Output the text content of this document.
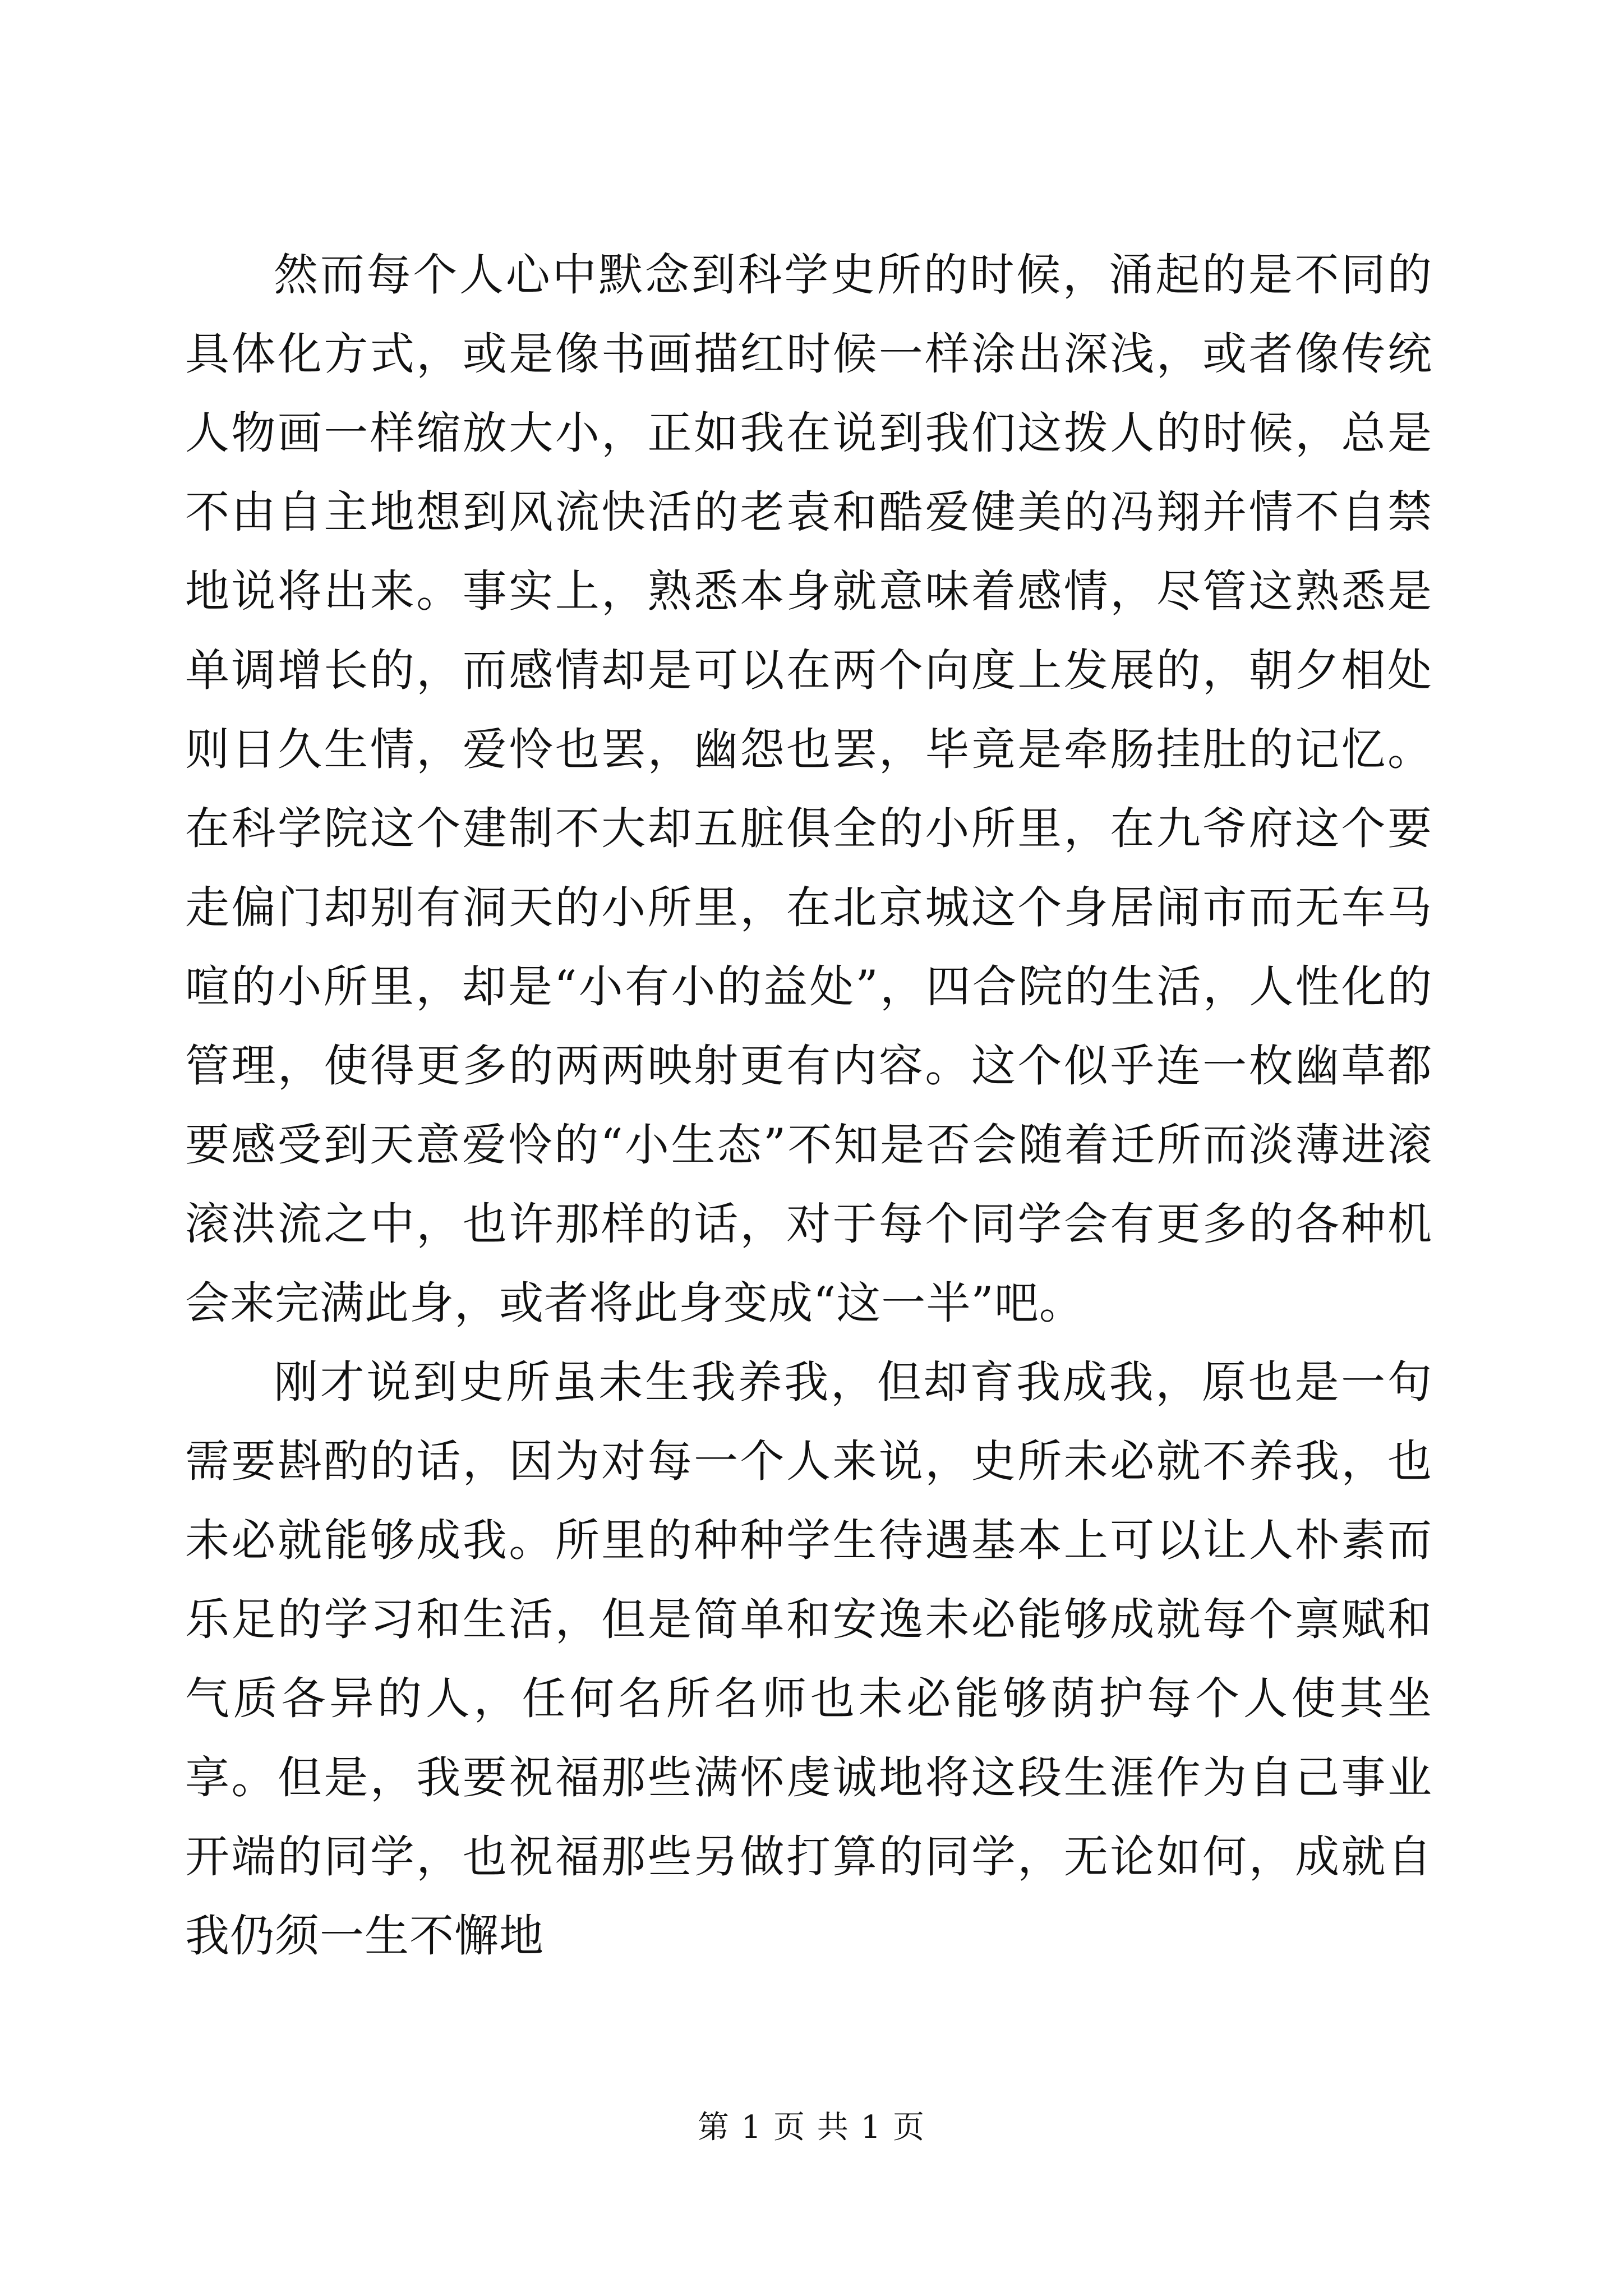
然而每个人心中默念到科学史所的时候，涌起的是不同的具体化方式，或是像书画描红时候一样涂出深浅，或者像传统人物画一样缩放大小，正如我在说到我们这拨人的时候，总是不由自主地想到风流快活的老袁和酷爱健美的冯翔并情不自禁地说将出来。事实上，熟悉本身就意味着感情，尽管这熟悉是单调增长的，而感情却是可以在两个向度上发展的，朝夕相处则日久生情，爱怜也罢，幽怨也罢，毕竟是牵肠挂肚的记忆。在科学院这个建制不大却五脏俱全的小所里，在九爷府这个要走偏门却别有洞天的小所里，在北京城这个身居闹市而无车马喧的小所里，却是“小有小的益处”，四合院的生活，人性化的管理，使得更多的两两映射更有内容。这个似乎连一枚幽草都要感受到天意爱怜的“小生态”不知是否会随着迁所而淡薄进滚滚洪流之中，也许那样的话，对于每个同学会有更多的各种机会来完满此身，或者将此身变成“这一半”吧。

刚才说到史所虽未生我养我，但却育我成我，原也是一句需要斟酌的话，因为对每一个人来说，史所未必就不养我，也未必就能够成我。所里的种种学生待遇基本上可以让人朴素而乐足的学习和生活，但是简单和安逸未必能够成就每个禀赋和气质各异的人，任何名所名师也未必能够荫护每个人使其坐享。但是，我要祝福那些满怀虔诚地将这段生涯作为自己事业开端的同学，也祝福那些另做打算的同学，无论如何，成就自我仍须一生不懈地

第 1 页 共 1 页
